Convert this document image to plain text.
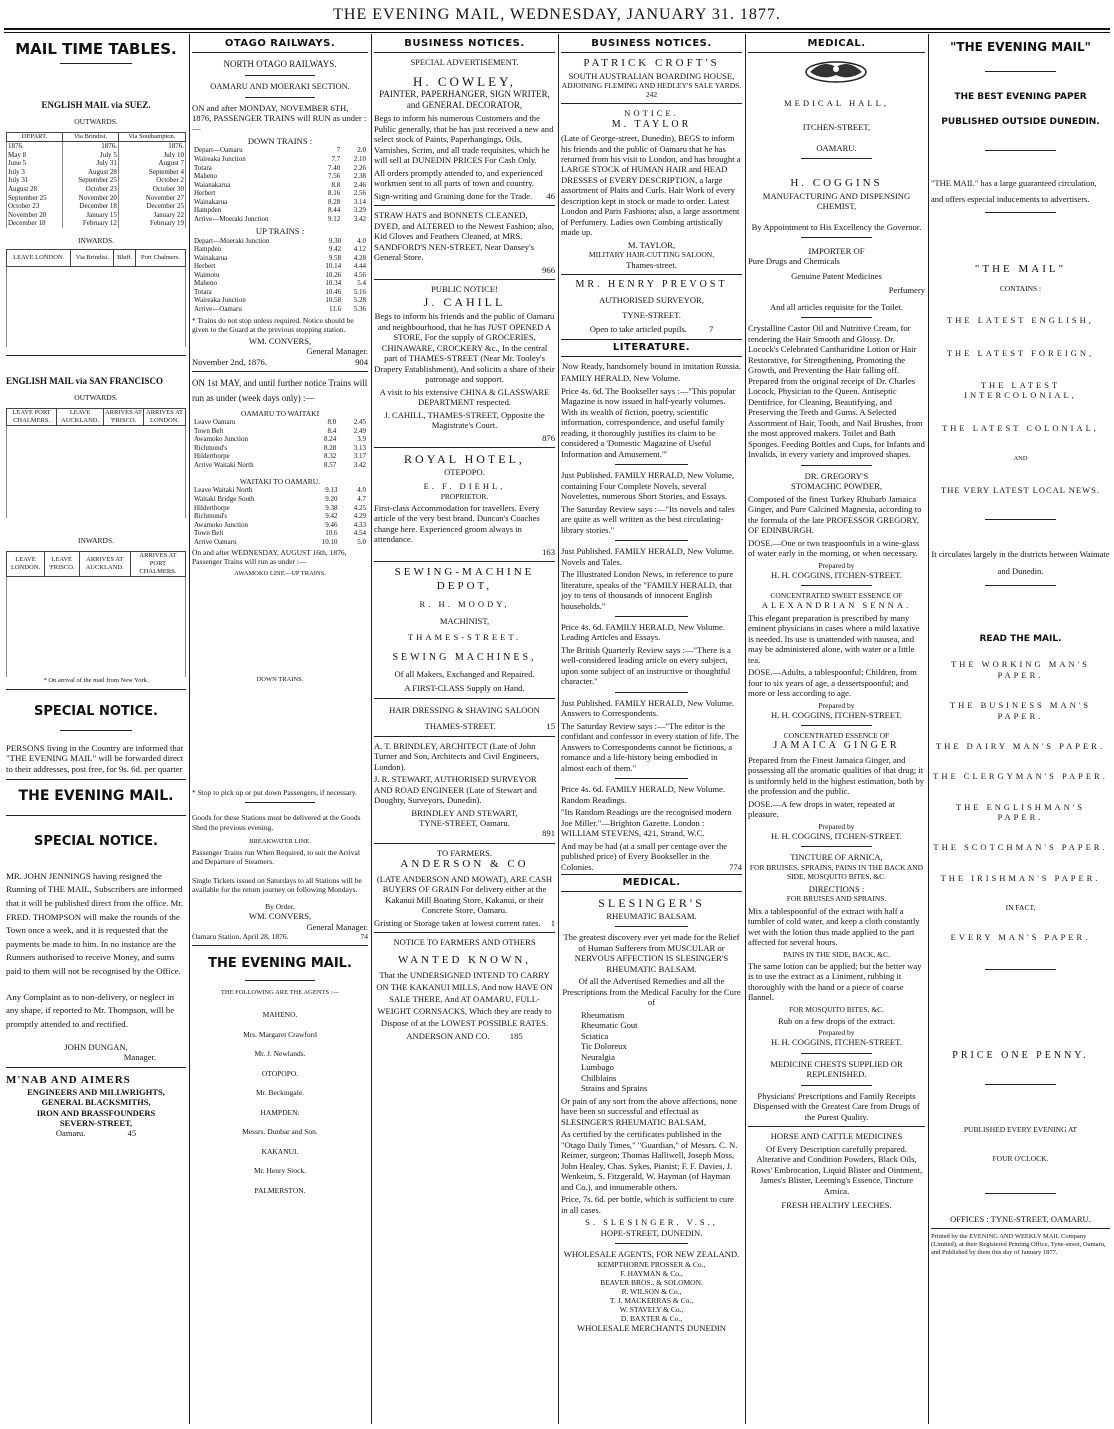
THE EVENING MAIL, WEDNESDAY, JANUARY 31. 1877.
MAIL TIME TABLES.
ENGLISH MAIL via SUEZ.
OUTWARDS.
DEPART.	Via Brindisi.	Via Southampton.
1876.	1876.	1876.
May 8	July 5	July 10
June 5	July 31	August 7
July 3	August 28	September 4
July 31	September 25	October 2
August 28	October 23	October 30
September 25	November 20	November 27
October 23	December 18	December 25
November 20	January 15	January 22
December 18	February 12	February 19
INWARDS.
LEAVE LONDON.	Via Brindisi.	Bluff.	Port Chalmers.

ENGLISH MAIL via SAN FRANCISCO
OUTWARDS.
LEAVE PORT CHALMERS.	LEAVE AUCKLAND.	ARRIVES AT 'FRISCO.	ARRIVES AT LONDON.

INWARDS.
LEAVE LONDON.	LEAVE 'FRISCO.	ARRIVES AT AUCKLAND.	ARRIVES AT PORT CHALMERS.

* On arrival of the mail from New York.
SPECIAL NOTICE.

PERSONS living in the Country are informed that "THE EVENING MAIL" will be forwarded direct to their addresses, post free, for 9s. 6d. per quarter

THE EVENING MAIL.
SPECIAL NOTICE.

MR. JOHN JENNINGS having resigned the Running of THE MAIL, Subscribers are informed that it will be published direct from the office. Mr. FRED. THOMPSON will make the rounds of the Town once a week, and it is requested that the payments be made to him. In no instance are the Runners authorised to receive Money, and sums paid to them will not be recognised by the Office.

Any Complaint as to non-delivery, or neglect in any shape, if reported to Mr. Thompson, will be promptly attended to and rectified.

JOHN DUNGAN,
Manager.
M'NAB AND AIMERS
ENGINEERS AND MILLWRIGHTS,
GENERAL BLACKSMITHS,
IRON AND BRASSFOUNDERS
SEVERN-STREET,
Oamaru.	45
OTAGO RAILWAYS.
NORTH OTAGO RAILWAYS.
OAMARU AND MOERAKI SECTION.

ON and after MONDAY, NOVEMBER 6TH, 1876, PASSENGER TRAINS will RUN as under :—

DOWN TRAINS :
Depart—Oamaru	7	2.0
Waireaka Junction	7.7	2.10
Totara	7.40	2.26
Maheno	7.56	2.38
Waianakarua	8.8	2.46
Herbert	8.16	2.56
Wainakarua	8.28	3.14
Hampden	8.44	3.29
Arrive—Moeraki Junction	9.12	3.42
UP TRAINS :
Depart—Moeraki Junction	9.30	4.0
Hampden	9.42	4.12
Wainakarua	9.58	4.28
Herbert	10.14	4.44
Waimotu	10.26	4.56
Maheno	10.34	5.4
Totara	10.46	5.16
Waireaka Junction	10.58	5.28
Arrive—Oamaru	11.6	5.36

* Trains do not stop unless required. Notice should be given to the Guard at the previous stopping station.

WM. CONVERS,
General Manager.
November 2nd, 1876.	904

ON 1st MAY, and until further notice Trains will run as under (week days only) :—

OAMARU TO WAITAKI
Leave Oamaru	8.0	2.45
Town Belt	8.4	2.49
Awamoko Junction	8.24	3.9
Richmond's	8.28	3.13
Hilderthorpe	8.32	3.17
Arrive Waitaki North	8.57	3.42
WAITAKI TO OAMARU.
Leave Waitaki North	9.13	4.0
Waitaki Bridge South	9.20	4.7
Hilderthorpe	9.38	4.25
Richmond's	9.42	4.29
Awamoko Junction	9.46	4.33
Town Belt	10.6	4.54
Arrive Oamaru	10.10	5.0

On and after WEDNESDAY, AUGUST 16th, 1876, Passenger Trains will run as under :—

AWAMOKO LINE—UP TRAINS.
DOWN TRAINS.

* Stop to pick up or put down Passengers, if necessary.

Goods for these Stations must be delivered at the Goods Shed the previous evening.

BREAKWATER LINE.

Passenger Trains run When Required, to suit the Arrival and Departure of Steamers.

Single Tickets issued on Saturdays to all Stations will be available for the return journey on following Mondays.

By Order,
WM. CONVERS,
General Manager.
Oamaru Station, April 28, 1876.	74
THE EVENING MAIL.
THE FOLLOWING ARE THE AGENTS :—
MAHENO.
Mrs. Margaret Crawford
Mr. J. Newlands.
OTOPOPO.
Mr. Beckingale.
HAMPDEN:
Messrs. Dunbar and Son.
KAKANUI.
Mr. Henry Stock.
PALMERSTON.
BUSINESS NOTICES.
SPECIAL ADVERTISEMENT.
H. COWLEY,
PAINTER, PAPERHANGER, SIGN WRITER, and GENERAL DECORATOR,

Begs to inform his numerous Customers and the Public generally, that he has just received a new and select stock of Paints, Paperhangings, Oils, Varnishes, Scrim, and all trade requisites, which he will sell at DUNEDIN PRICES For Cash Only.

All orders promptly attended to, and experienced workmen sent to all parts of town and country.

Sign-writing and Graining done for the Trade. 46

STRAW HATS and BONNETS CLEANED, DYED, and ALTERED to the Newest Fashion; also, Kid Gloves and Feathers Cleaned, at MRS. SANDFORD'S NEN-STREET, Near Dansey's General Store.

966
PUBLIC NOTICE!
J. CAHILL

Begs to inform his friends and the public of Oamaru and neighbourhood, that he has JUST OPENED A STORE, For the supply of GROCERIES, CHINAWARE, CROCKERY &c., In the central part of THAMES-STREET (Near Mr. Tooley's Drapery Establishment), And solicits a share of their patronage and support.

A visit to his extensive CHINA & GLASSWARE DEPARTMENT respected.

J. CAHILL, THAMES-STREET, Opposite the Magistrate's Court.

876
ROYAL HOTEL,
OTEPOPO.
E. F. DIEHL,
PROPRIETOR.

First-class Accommodation for travellers. Every article of the very best brand. Duncan's Coaches change here. Experienced groom always in attendance.

163
SEWING-MACHINE DEPOT,
R. H. MOODY,
MACHINIST,
THAMES-STREET.
SEWING MACHINES,
Of all Makers, Exchanged and Repaired.
A FIRST-CLASS Supply on Hand.
HAIR DRESSING & SHAVING SALOON
THAMES-STREET.	15

A. T. BRINDLEY, ARCHITECT (Late of John Turner and Son, Architects and Civil Engineers, London).

J. R. STEWART, AUTHORISED SURVEYOR AND ROAD ENGINEER (Late of Stewart and Doughty, Surveyors, Dunedin).

BRINDLEY AND STEWART,
TYNE-STREET, Oamaru.
891
TO FARMERS.
ANDERSON & CO

(LATE ANDERSON AND MOWAT), ARE CASH BUYERS OF GRAIN For delivery either at the Kakanui Mill Boating Store, Kakanui, or their Concrete Store, Oamaru.

Gristing or Storage taken at lowest current rates. 1

NOTICE TO FARMERS AND OTHERS
WANTED KNOWN,

That the UNDERSIGNED INTEND TO CARRY ON THE KAKANUI MILLS, And now HAVE ON SALE THERE, And AT OAMARU, FULL-WEIGHT CORNSACKS, Which they are ready to Dispose of at the LOWEST POSSIBLE RATES.

ANDERSON AND CO. 185
BUSINESS NOTICES.
PATRICK CROFT'S
SOUTH AUSTRALIAN BOARDING HOUSE,
ADJOINING FLEMING AND HEDLEY'S SALE YARDS. 242
NOTICE.
M. TAYLOR

(Late of George-street, Dunedin), BEGS to inform his friends and the public of Oamaru that he has returned from his visit to London, and has brought a LARGE STOCK of HUMAN HAIR and HEAD DRESSES of EVERY DESCRIPTION, a large assortment of Plaits and Curls. Hair Work of every description kept in stock or made to order. Latest London and Paris Fashions; also, a large assortment of Perfumery. Ladies own Combing artistically made up.

M. TAYLOR,
MILITARY HAIR-CUTTING SALOON,
Thames-street.
MR. HENRY PREVOST
AUTHORISED SURVEYOR,
TYNE-STREET.
Open to take articled pupils.	7
LITERATURE.

Now Ready, handsomely bound in imitation Russia.

FAMILY HERALD, New Volume.

Price 4s. 6d. The Bookseller says :—"This popular Magazine is now issued in half-yearly volumes. With its wealth of fiction, poetry, scientific information, correspondence, and useful family reading, it thoroughly justifies its claim to be considered a 'Domestic Magazine of Useful Information and Amusement.'"

Just Published. FAMILY HERALD, New Volume, containing Four Complete Novels, several Novelettes, numerous Short Stories, and Essays.

The Saturday Review says :—"Its novels and tales are quite as well written as the best circulating-library stories."

Just Published. FAMILY HERALD, New Volume. Novels and Tales.

The Illustrated London News, in reference to pure literature, speaks of the "FAMILY HERALD, that joy to tens of thousands of innocent English households."

Price 4s. 6d. FAMILY HERALD, New Volume. Leading Articles and Essays.

The British Quarterly Review says :—"There is a well-considered leading article on every subject, upon some subject of an instructive or thoughtful character."

Just Published. FAMILY HERALD, New Volume. Answers to Correspondents.

The Saturday Review says :—"The editor is the confidant and confessor in every station of life. The Answers to Correspondents cannot be fictitious, a romance and a life-history being embodied in almost each of them."

Price 4s. 6d. FAMILY HERALD, New Volume. Random Readings.

"Its Random Readings are the recognised modern Joe Miller."—Brighton Gazette. London : WILLIAM STEVENS, 421, Strand, W.C.

And may be had (at a small per centage over the published price) of Every Bookseller in the Colonies.	774

MEDICAL.
SLESINGER'S
RHEUMATIC BALSAM.

The greatest discovery ever yet made for the Relief of Human Sufferers from MUSCULAR or NERVOUS AFFECTION IS SLESINGER'S RHEUMATIC BALSAM.

Of all the Advertised Remedies and all the Prescriptions from the Medical Faculty for the Cure of

Rheumatism
Rheumatic Gout
Sciatica
Tic Doloreux
Neuralgia
Lumbago
Chilblains
Strains and Sprains

Or pain of any sort from the above affections, none have been so successful and effectual as SLESINGER'S RHEUMATIC BALSAM,

As certified by the certificates published in the "Otago Daily Times," "Guardian," of Messrs. C. N. Reimer, surgeon; Thomas Halliwell, Joseph Moss, John Healey, Chas. Sykes, Pianist; F. F. Davies, J. Wenkeim, S. Fitzgerald, W. Hayman (of Hayman and Co.), and innumerable others.

Price, 7s. 6d. per bottle, which is sufficient to cure in all cases.

S. SLESINGER, V.S.,
HOPE-STREET, DUNEDIN.
WHOLESALE AGENTS, FOR NEW ZEALAND.
KEMPTHORNE PROSSER & Co.,
F. HAYMAN & Co.,
BEAVER BROS., & SOLOMON.
R. WILSON & Co.,
T. J. MACKERRAS & Co.,
W. STAVELY & Co.,
D. BAXTER & Co.,
WHOLESALE MERCHANTS DUNEDIN
MEDICAL.
MEDICAL HALL,
ITCHEN-STREET,
OAMARU.
H. COGGINS
MANUFACTURING AND DISPENSING CHEMIST,

By Appointment to His Excellency the Governor.

IMPORTER OF
Pure Drugs and Chemicals
Genuine Patent Medicines
Perfumery
And all articles requisite for the Toilet.

Crystalline Castor Oil and Nutritive Cream, for rendering the Hair Smooth and Glossy. Dr. Locock's Celebrated Cantharidine Lotion or Hair Restorative, for Strengthening, Promoting the Growth, and Preventing the Hair falling off. Prepared from the original receipt of Dr. Charles Locock, Physician to the Queen. Antiseptic Dentifrice, for Cleaning, Beautifying, and Preserving the Teeth and Gums. A Selected Assortment of Hair, Tooth, and Nail Brushes, from the most approved makers. Toilet and Bath Sponges. Feeding Bottles and Cups, for Infants and Invalids, in every variety and improved shapes.

DR. GREGORY'S
STOMACHIC POWDER,

Composed of the finest Turkey Rhubarb Jamaica Ginger, and Pure Calcined Magnesia, according to the formula of the late PROFESSOR GREGORY, OF EDINBURGH.

DOSE.—One or two teaspoonfuls in a wine-glass of water early in the morning, or when necessary.

Prepared by
H. H. COGGINS, ITCHEN-STREET.
CONCENTRATED SWEET ESSENCE OF
ALEXANDRIAN SENNA.

This elegant preparation is prescribed by many eminent physicians in cases where a mild laxative is needed. Its use is unattended with nausea, and may be administered alone, with water or a little tea.

DOSE.—Adults, a tablespoonful; Children, from four to six years of age, a dessertspoonful; and more or less according to age.

Prepared by
H. H. COGGINS, ITCHEN-STREET.
CONCENTRATED ESSENCE OF
JAMAICA GINGER

Prepared from the Finest Jamaica Ginger, and possessing all the aromatic qualities of that drug; it is uniformly held in the highest estimation, both by the profession and the public.

DOSE.—A few drops in water, repeated at pleasure.

Prepared by
H. H. COGGINS, ITCHEN-STREET.
TINCTURE OF ARNICA,
FOR BRUISES, SPRAINS, PAINS IN THE BACK AND SIDE, MOSQUITO BITES, &C.
DIRECTIONS :
FOR BRUISES AND SPRAINS.

Mix a tablespoonful of the extract with half a tumbler of cold water, and keep a cloth constantly wet with the lotion thus made applied to the part affected for several hours.

PAINS IN THE SIDE, BACK, &C.

The same lotion can be applied; but the better way is to use the extract as a Liniment, rubbing it thoroughly with the hand or a piece of coarse flannel.

FOR MOSQUITO BITES, &C.

Rub on a few drops of the extract.

Prepared by
H. H. COGGINS, ITCHEN-STREET.
MEDICINE CHESTS SUPPLIED OR REPLENISHED.

Physicians' Prescriptions and Family Receipts Dispensed with the Greatest Care from Drugs of the Purest Quality.

HORSE AND CATTLE MEDICINES

Of Every Description carefully prepared. Alterative and Condition Powders, Black Oils, Rows' Embrocation, Liquid Blister and Ointment, James's Blister, Leeming's Essence, Tincture Arnica.

FRESH HEALTHY LEECHES.
"THE EVENING MAIL"
THE BEST EVENING PAPER
PUBLISHED OUTSIDE DUNEDIN.

"THE MAIL" has a large guaranteed circulation, and offers especial inducements to advertisers.

"THE MAIL"
CONTAINS :
THE LATEST ENGLISH,
THE LATEST FOREIGN,
THE LATEST INTERCOLONIAL,
THE LATEST COLONIAL,
AND
THE VERY LATEST LOCAL NEWS.

It circulates largely in the districts between Waimate and Dunedin.

READ THE MAIL.
THE WORKING MAN'S PAPER.
THE BUSINESS MAN'S PAPER.
THE DAIRY MAN'S PAPER.
THE CLERGYMAN'S PAPER.
THE ENGLISHMAN'S PAPER.
THE SCOTCHMAN'S PAPER.
THE IRISHMAN'S PAPER.
IN FACT,
EVERY MAN'S PAPER.
PRICE ONE PENNY.
PUBLISHED EVERY EVENING AT
FOUR O'CLOCK.
OFFICES : TYNE-STREET, OAMARU.

Printed by the EVENING AND WEEKLY MAIL Company (Limited), at their Registered Printing Office, Tyne-street, Oamaru, and Published by them this day of January 1877.
